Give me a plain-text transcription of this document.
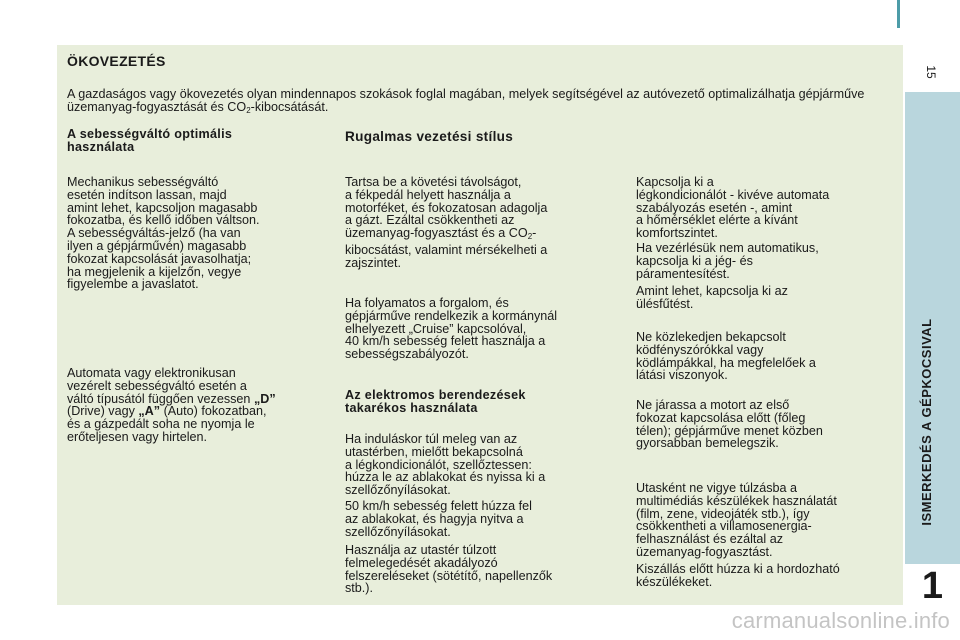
ÖKOVEZETÉS
A gazdaságos vagy ökovezetés olyan mindennapos szokások foglal magában, melyek segítségével az autóvezető optimalizálhatja gépjárműve üzemanyag-fogyasztását és $CO_2$-kibocsátását.
A sebességváltó optimális
használata

Mechanikus sebességváltó
esetén indítson lassan, majd
amint lehet, kapcsoljon magasabb
fokozatba, és kellő időben váltson.
A sebességváltás-jelző (ha van
ilyen a gépjárművén) magasabb
fokozat kapcsolását javasolhatja;
ha megjelenik a kijelzőn, vegye
figyelembe a javaslatot.

Automata vagy elektronikusan
vezérelt sebességváltó esetén a
váltó típusától függően vezessen „D”
(Drive) vagy „A” (Auto) fokozatban,
és a gázpedált soha ne nyomja le
erőteljesen vagy hirtelen.

Rugalmas vezetési stílus

Tartsa be a követési távolságot,
a fékpedál helyett használja a
motorféket, és fokozatosan adagolja
a gázt. Ezáltal csökkentheti az
üzemanyag-fogyasztást és a $CO_2-$
kibocsátást, valamint mérsékelheti a
zajszintet.

Ha folyamatos a forgalom, és
gépjárműve rendelkezik a kormánynál
elhelyezett „Cruise” kapcsolóval,
40 km/h sebesség felett használja a
sebességszabályozót.

Az elektromos berendezések
takarékos használata

Ha induláskor túl meleg van az
utastérben, mielőtt bekapcsolná
a légkondicionálót, szellőztessen:
húzza le az ablakokat és nyissa ki a
szellőzőnyílásokat.

50 km/h sebesség felett húzza fel
az ablakokat, és hagyja nyitva a
szellőzőnyílásokat.

Használja az utastér túlzott
felmelegedését akadályozó
felszereléseket (sötétítő, napellenzők
stb.).

Kapcsolja ki a
légkondicionálót - kivéve automata
szabályozás esetén -, amint
a hőmérséklet elérte a kívánt
komfortszintet.

Ha vezérlésük nem automatikus,
kapcsolja ki a jég- és
páramentesítést.

Amint lehet, kapcsolja ki az
ülésfűtést.

Ne közlekedjen bekapcsolt
ködfényszórókkal vagy
ködlámpákkal, ha megfelelőek a
látási viszonyok.

Ne járassa a motort az első
fokozat kapcsolása előtt (főleg
télen); gépjárműve menet közben
gyorsabban bemelegszik.

Utasként ne vigye túlzásba a
multimédiás készülékek használatát
(film, zene, videojáték stb.), így
csökkentheti a villamosenergia-
felhasználást és ezáltal az
üzemanyag-fogyasztást.

Kiszállás előtt húzza ki a hordozható
készülékeket.

15
ISMERKEDÉS A GÉPKOCSIVAL
1
carmanualsonline.info
